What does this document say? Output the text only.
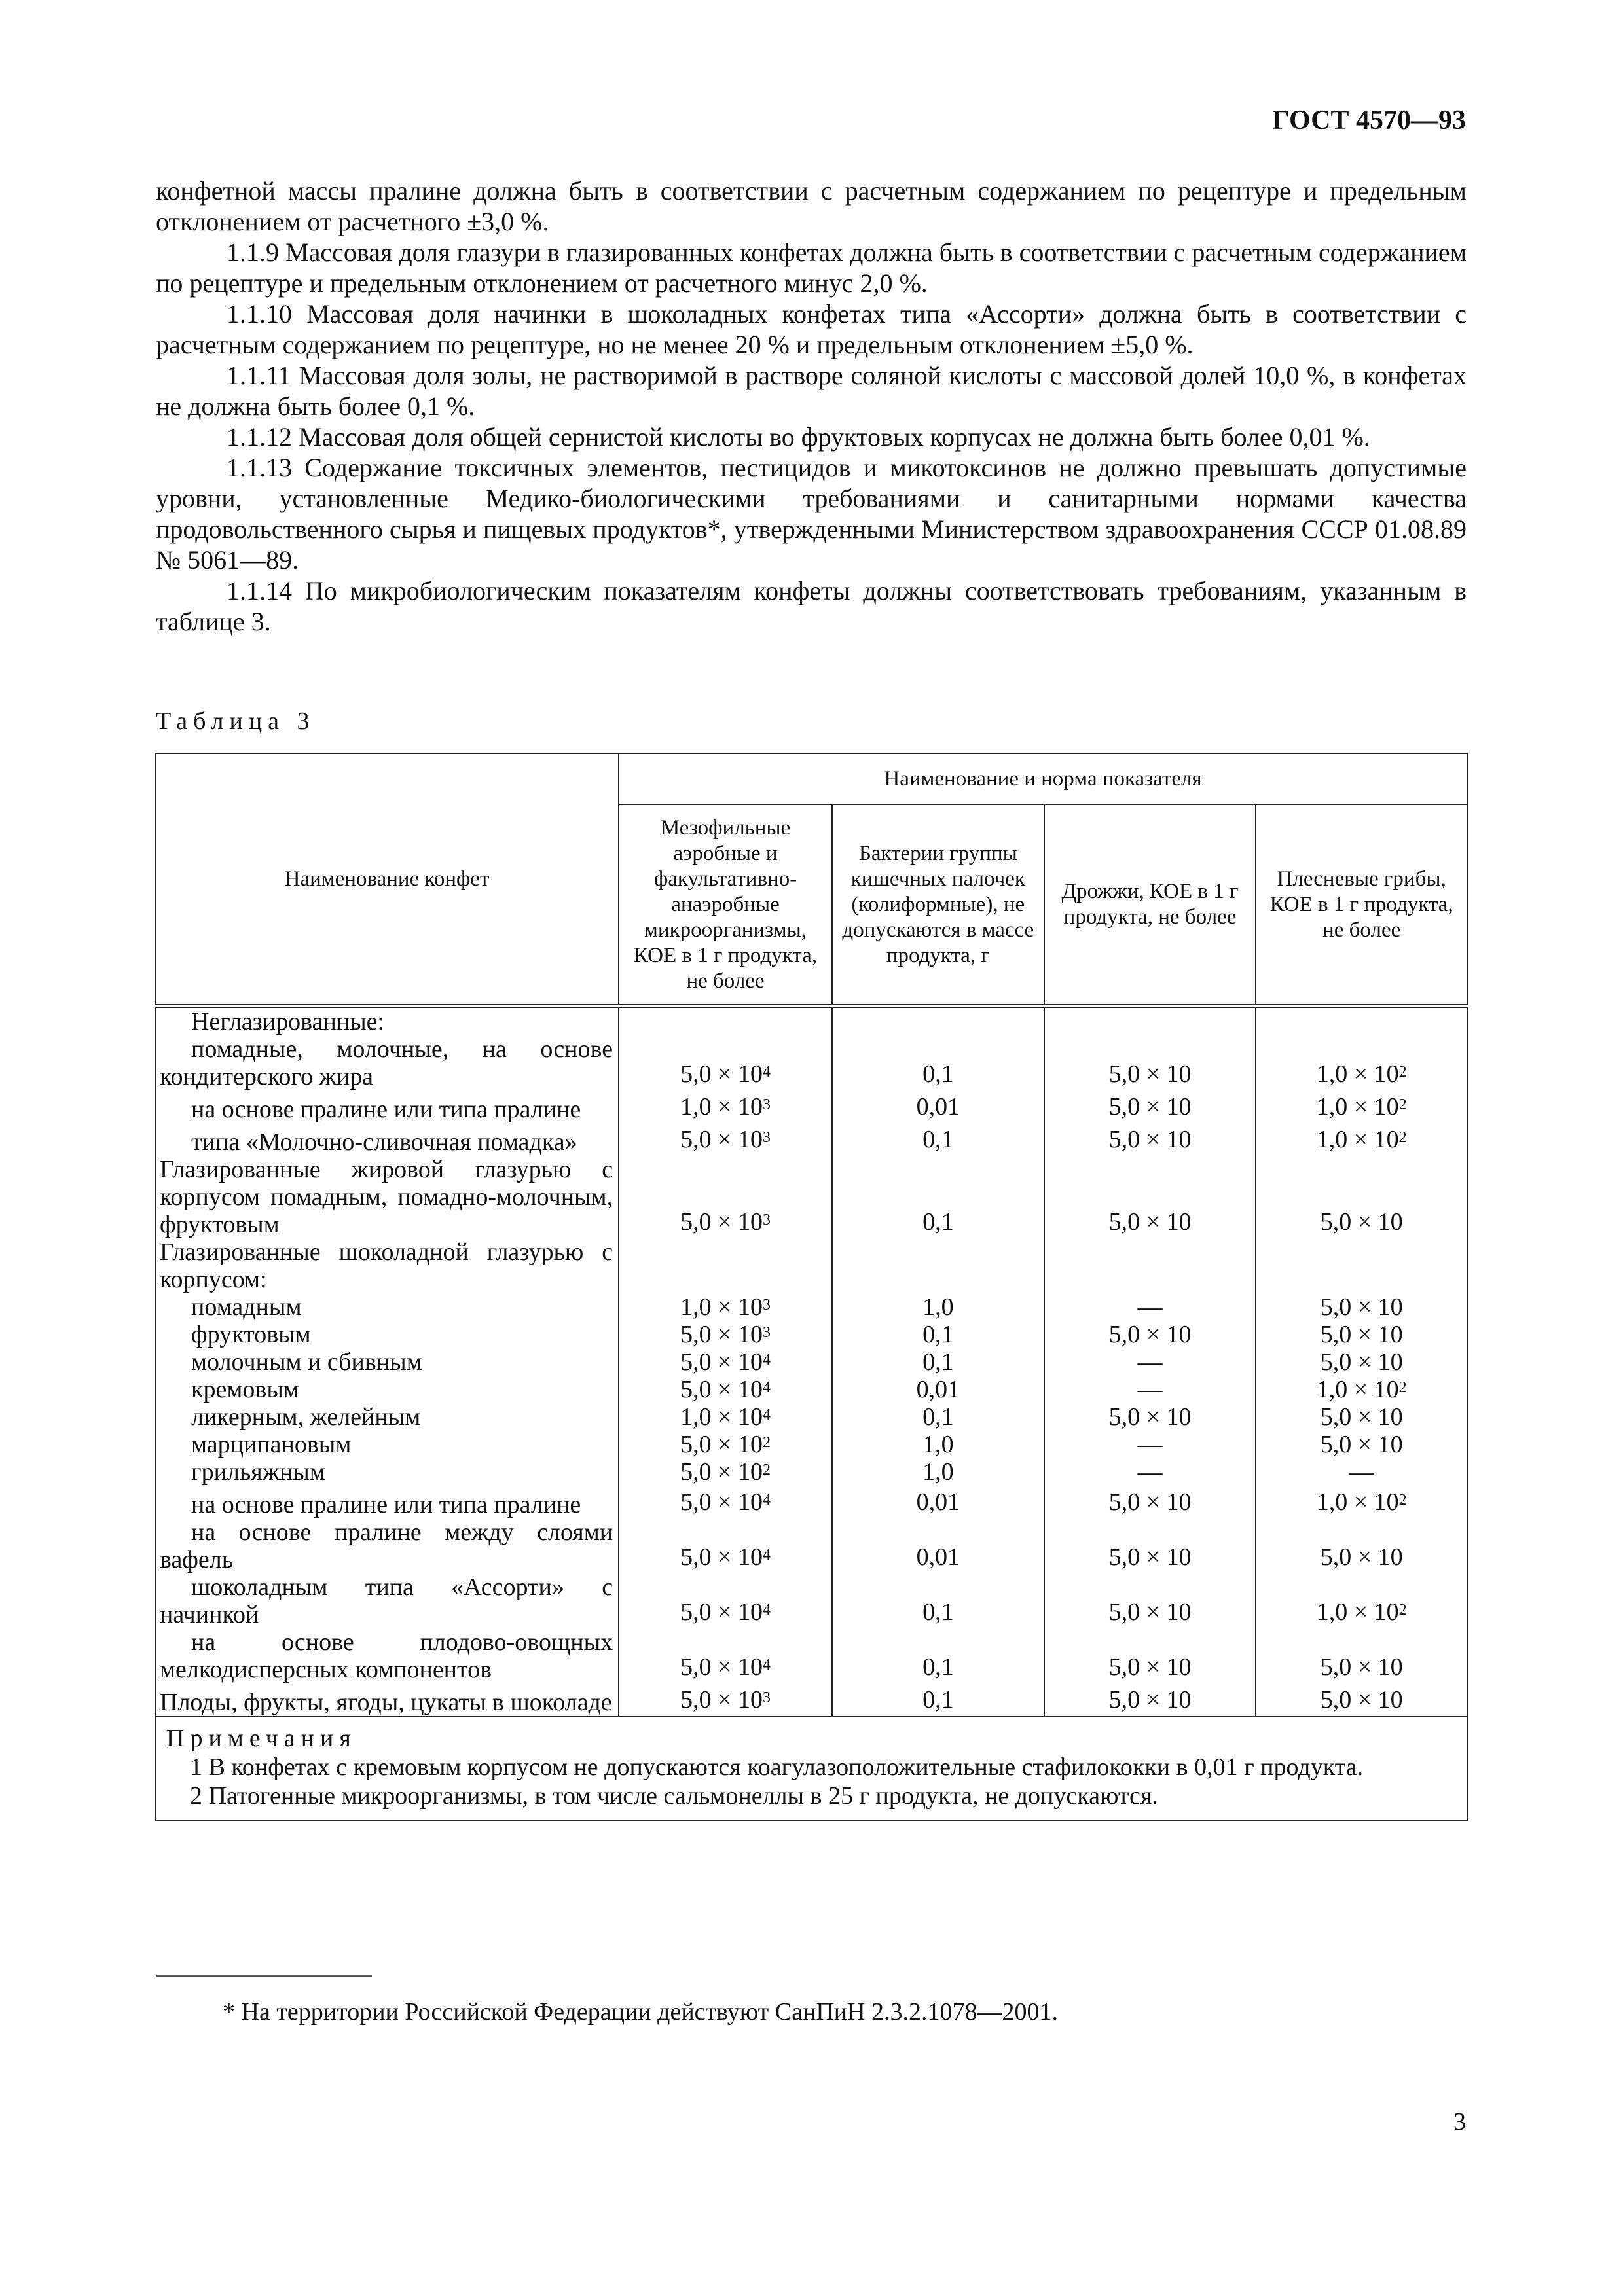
ГОСТ 4570—93

конфетной массы пралине должна быть в соответствии с расчетным содержанием по рецептуре и предельным отклонением от расчетного ±3,0 %.

1.1.9 Массовая доля глазури в глазированных конфетах должна быть в соответствии с расчетным содержанием по рецептуре и предельным отклонением от расчетного минус 2,0 %.

1.1.10 Массовая доля начинки в шоколадных конфетах типа «Ассорти» должна быть в соответствии с расчетным содержанием по рецептуре, но не менее 20 % и предельным отклонением ±5,0 %.

1.1.11 Массовая доля золы, не растворимой в растворе соляной кислоты с массовой долей 10,0 %, в конфетах не должна быть более 0,1 %.

1.1.12 Массовая доля общей сернистой кислоты во фруктовых корпусах не должна быть более 0,01 %.

1.1.13 Содержание токсичных элементов, пестицидов и микотоксинов не должно превышать допустимые уровни, установленные Медико-биологическими требованиями и санитарными нормами качества продовольственного сырья и пищевых продуктов*, утвержденными Министерством здравоохранения СССР 01.08.89 № 5061—89.

1.1.14 По микробиологическим показателям конфеты должны соответствовать требованиям, указанным в таблице 3.

Таблица 3
Наименование конфет	Наименование и норма показателя			
	Мезофильные аэробные и факультативно-анаэробные микроорганизмы, КОЕ в 1 г продукта, не более	Бактерии группы кишечных палочек (колиформные), не допускаются в массе продукта, г	Дрожжи, КОЕ в 1 г продукта, не более	Плесневые грибы, КОЕ в 1 г продукта, не более

Неглазированные:				

помадные, молочные, на основе кондитерского жира	$5,0 \times 10^4$	0,1	5,0 × 10	$1,0 \times 10^2$

на основе пралине или типа пралине	$1,0 \times 10^3$	0,01	5,0 × 10	$1,0 \times 10^2$

типа «Молочно-сливочная помадка»	$5,0 \times 10^3$	0,1	5,0 × 10	$1,0 \times 10^2$

Глазированные жировой глазурью с корпусом помадным, помадно-молочным, фруктовым	$5,0 \times 10^3$	0,1	5,0 × 10	5,0 × 10

Глазированные шоколадной глазурью с корпусом:				

помадным	$1,0 \times 10^3$	1,0	—	5,0 × 10

фруктовым	$5,0 \times 10^3$	0,1	5,0 × 10	5,0 × 10

молочным и сбивным	$5,0 \times 10^4$	0,1	—	5,0 × 10

кремовым	$5,0 \times 10^4$	0,01	—	$1,0 \times 10^2$

ликерным, желейным	$1,0 \times 10^4$	0,1	5,0 × 10	5,0 × 10

марципановым	$5,0 \times 10^2$	1,0	—	5,0 × 10

грильяжным	$5,0 \times 10^2$	1,0	—	—

на основе пралине или типа пралине	$5,0 \times 10^4$	0,01	5,0 × 10	$1,0 \times 10^2$

на основе пралине между слоями вафель	$5,0 \times 10^4$	0,01	5,0 × 10	5,0 × 10

шоколадным типа «Ассорти» с начинкой	$5,0 \times 10^4$	0,1	5,0 × 10	$1,0 \times 10^2$

на основе плодово-овощных мелкодисперсных компонентов	$5,0 \times 10^4$	0,1	5,0 × 10	5,0 × 10

Плоды, фрукты, ягоды, цукаты в шоколаде	$5,0 \times 10^3$	0,1	5,0 × 10	5,0 × 10

Примечания
1 В конфетах с кремовым корпусом не допускаются коагулазоположительные стафилококки в 0,01 г продукта.
2 Патогенные микроорганизмы, в том числе сальмонеллы в 25 г продукта, не допускаются.				
* На территории Российской Федерации действуют СанПиН 2.3.2.1078—2001.
3
